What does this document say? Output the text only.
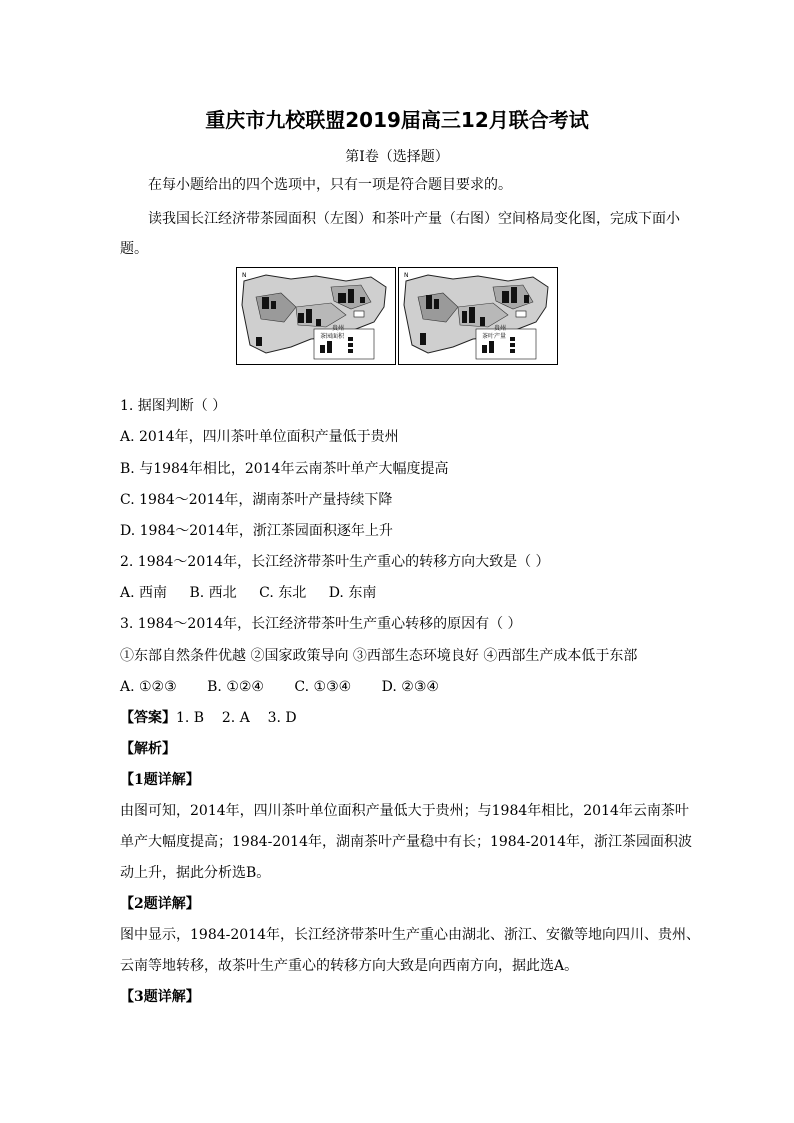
重庆市九校联盟2019届高三12月联合考试
第Ⅰ卷（选择题）
在每小题给出的四个选项中，只有一项是符合题目要求的。
读我国长江经济带茶园面积（左图）和茶叶产量（右图）空间格局变化图，完成下面小
题。
N	N
茶园面积
贵州
茶叶产量
贵州
1. 据图判断（ ）
A. 2014年，四川茶叶单位面积产量低于贵州
B. 与1984年相比，2014年云南茶叶单产大幅度提高
C. 1984～2014年，湖南茶叶产量持续下降
D. 1984～2014年，浙江茶园面积逐年上升
2. 1984～2014年，长江经济带茶叶生产重心的转移方向大致是（ ）
A. 西南 B. 西北 C. 东北 D. 东南
3. 1984～2014年，长江经济带茶叶生产重心转移的原因有（ ）
①东部自然条件优越 ②国家政策导向 ③西部生态环境良好 ④西部生产成本低于东部
A. ①②③ B. ①②④ C. ①③④ D. ②③④
【答案】1. B    2. A    3. D
【解析】
【1题详解】
由图可知，2014年，四川茶叶单位面积产量低大于贵州；与1984年相比，2014年云南茶叶
单产大幅度提高；1984-2014年，湖南茶叶产量稳中有长；1984-2014年，浙江茶园面积波
动上升，据此分析选B。
【2题详解】
图中显示，1984-2014年，长江经济带茶叶生产重心由湖北、浙江、安徽等地向四川、贵州、
云南等地转移，故茶叶生产重心的转移方向大致是向西南方向，据此选A。
【3题详解】
